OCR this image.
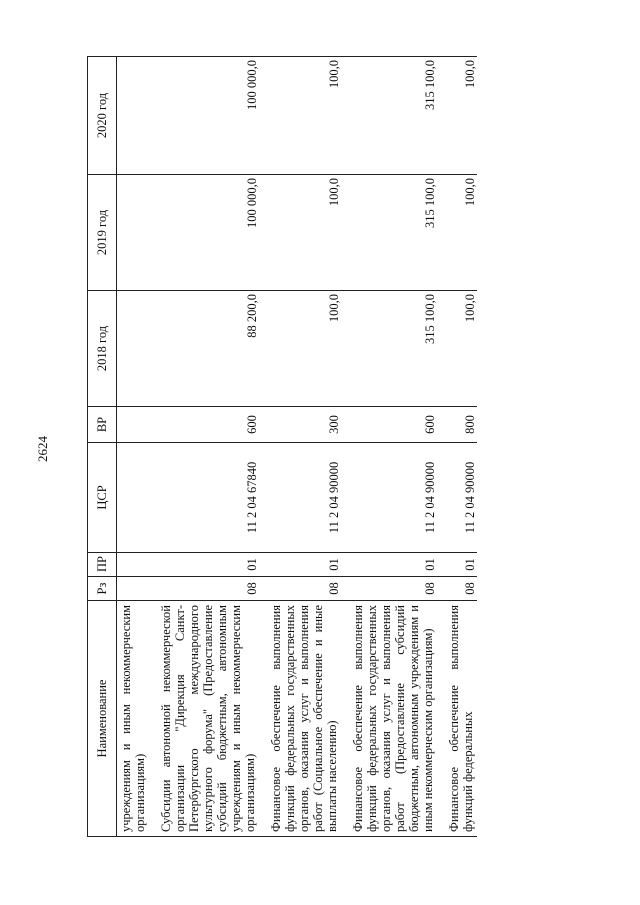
2624
Наименование	Рз	ПР	ЦСР	ВР	2018 год	2019 год	2020 год
учреждениям и иным некоммерческим организациям)							

Субсидии автономной некоммерческой организации "Дирекция Санкт-Петербургского международного культурного форума" (Предоставление субсидий бюджетным, автономным учреждениям и иным некоммерческим организациям)	08	01	11 2 04 67840	600	88 200,0	100 000,0	100 000,0

Финансовое обеспечение выполнения функций федеральных государственных органов, оказания услуг и выполнения работ (Социальное обеспечение и иные выплаты населению)	08	01	11 2 04 90000	300	100,0	100,0	100,0

Финансовое обеспечение выполнения функций федеральных государственных органов, оказания услуг и выполнения работ (Предоставление субсидий бюджетным, автономным учреждениям и иным некоммерческим организациям)	08	01	11 2 04 90000	600	315 100,0	315 100,0	315 100,0

Финансовое обеспечение выполнения функций федеральных	08	01	11 2 04 90000	800	100,0	100,0	100,0
